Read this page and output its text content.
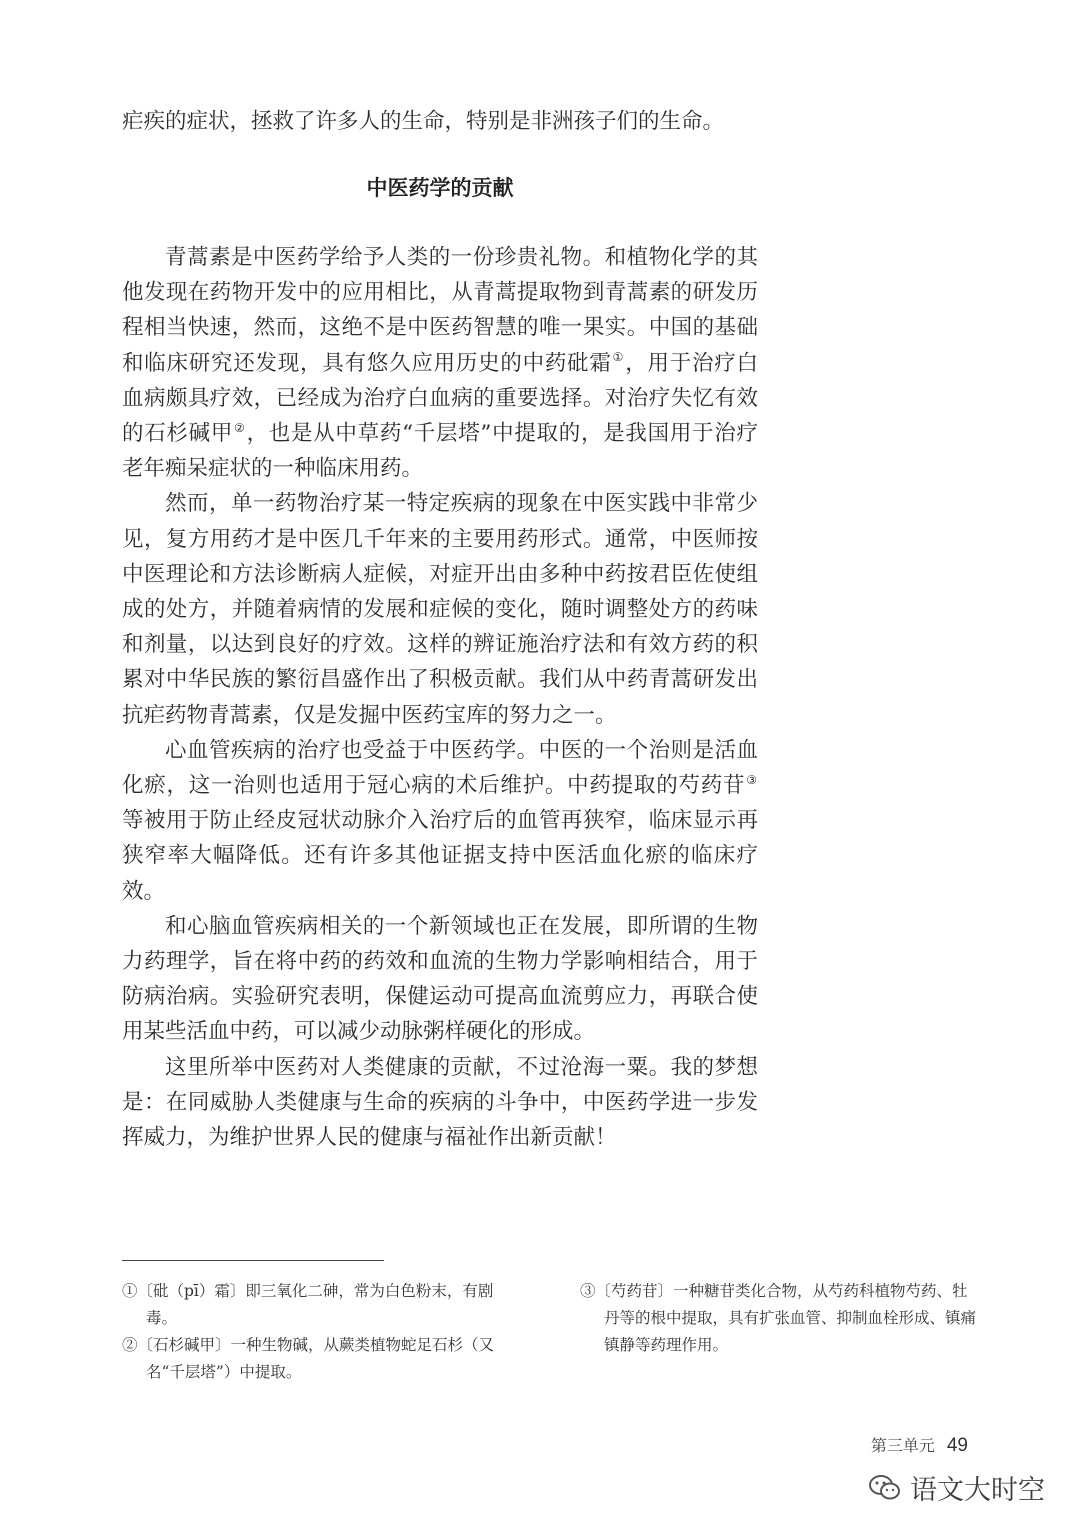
疟疾的症状，拯救了许多人的生命，特别是非洲孩子们的生命。
中医药学的贡献

青蒿素是中医药学给予人类的一份珍贵礼物。和植物化学的其他发现在药物开发中的应用相比，从青蒿提取物到青蒿素的研发历程相当快速，然而，这绝不是中医药智慧的唯一果实。中国的基础和临床研究还发现，具有悠久应用历史的中药砒霜①，用于治疗白血病颇具疗效，已经成为治疗白血病的重要选择。对治疗失忆有效的石杉碱甲②，也是从中草药“千层塔”中提取的，是我国用于治疗老年痴呆症状的一种临床用药。

然而，单一药物治疗某一特定疾病的现象在中医实践中非常少见，复方用药才是中医几千年来的主要用药形式。通常，中医师按中医理论和方法诊断病人症候，对症开出由多种中药按君臣佐使组成的处方，并随着病情的发展和症候的变化，随时调整处方的药味和剂量，以达到良好的疗效。这样的辨证施治疗法和有效方药的积累对中华民族的繁衍昌盛作出了积极贡献。我们从中药青蒿研发出抗疟药物青蒿素，仅是发掘中医药宝库的努力之一。

心血管疾病的治疗也受益于中医药学。中医的一个治则是活血化瘀，这一治则也适用于冠心病的术后维护。中药提取的芍药苷③等被用于防止经皮冠状动脉介入治疗后的血管再狭窄，临床显示再狭窄率大幅降低。还有许多其他证据支持中医活血化瘀的临床疗效。

和心脑血管疾病相关的一个新领域也正在发展，即所谓的生物力药理学，旨在将中药的药效和血流的生物力学影响相结合，用于防病治病。实验研究表明，保健运动可提高血流剪应力，再联合使用某些活血中药，可以减少动脉粥样硬化的形成。

这里所举中医药对人类健康的贡献，不过沧海一粟。我的梦想是：在同威胁人类健康与生命的疾病的斗争中，中医药学进一步发挥威力，为维护世界人民的健康与福祉作出新贡献！

①〔砒（pī）霜〕即三氧化二砷，常为白色粉末，有剧毒。

②〔石杉碱甲〕一种生物碱，从蕨类植物蛇足石杉（又名“千层塔”）中提取。

③〔芍药苷〕一种糖苷类化合物，从芍药科植物芍药、牡丹等的根中提取，具有扩张血管、抑制血栓形成、镇痛镇静等药理作用。

第三单元 49
语文大时空
